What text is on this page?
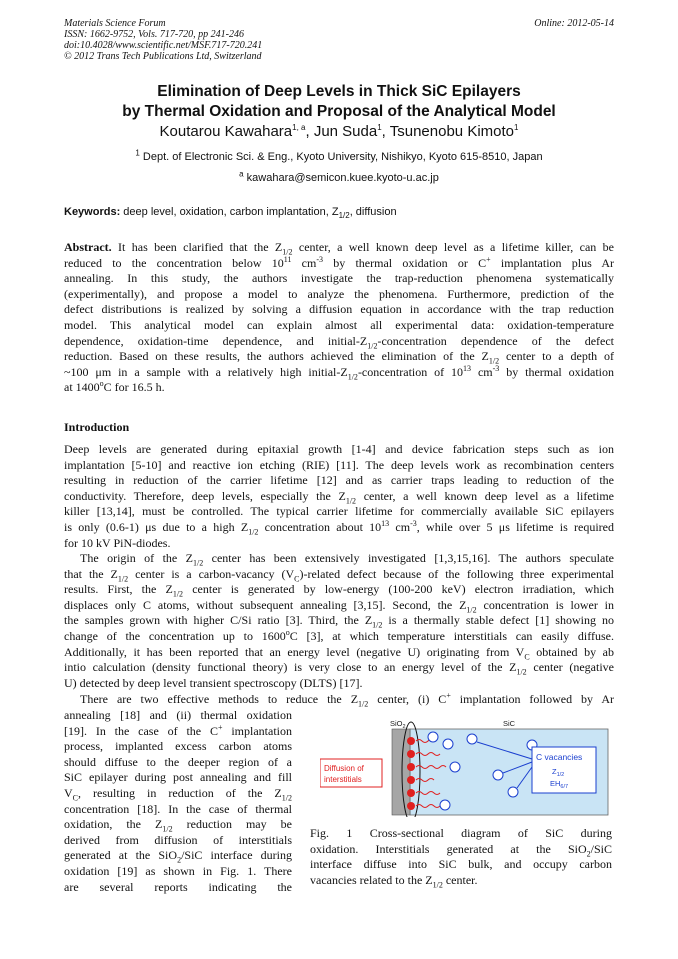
Materials Science Forum
ISSN: 1662-9752, Vols. 717-720, pp 241-246
doi:10.4028/www.scientific.net/MSF.717-720.241
© 2012 Trans Tech Publications Ltd, Switzerland
Online: 2012-05-14
Elimination of Deep Levels in Thick SiC Epilayers
by Thermal Oxidation and Proposal of the Analytical Model
Koutarou Kawahara$^{1, a}$, Jun Suda$^1$, Tsunenobu Kimoto$^1$
$^1$ Dept. of Electronic Sci. & Eng., Kyoto University, Nishikyo, Kyoto 615-8510, Japan
$^a$ kawahara@semicon.kuee.kyoto-u.ac.jp
Keywords: deep level, oxidation, carbon implantation, $Z_{1/2}$, diffusion
Abstract. It has been clarified that the $Z_{1/2}$ center, a well known deep level as a lifetime killer, can be
reduced to the concentration below $10^{11}$ $cm^{-3}$ by thermal oxidation or C+ implantation plus Ar
annealing. In this study, the authors investigate the trap-reduction phenomena systematically
(experimentally), and propose a model to analyze the phenomena. Furthermore, prediction of the
defect distributions is realized by solving a diffusion equation in accordance with the trap reduction
model. This analytical model can explain almost all experimental data: oxidation-temperature
dependence, oxidation-time dependence, and initial-$Z_{1/2}$-concentration dependence of the defect
reduction. Based on these results, the authors achieved the elimination of the $Z_{1/2}$ center to a depth of
~100 μm in a sample with a relatively high initial-$Z_{1/2}$-concentration of $10^{13}$ $cm^{-3}$ by thermal oxidation
at 1400$^o$C for 16.5 h.
Introduction
Deep levels are generated during epitaxial growth [1-4] and device fabrication steps such as ion
implantation [5-10] and reactive ion etching (RIE) [11]. The deep levels work as recombination centers
resulting in reduction of the carrier lifetime [12] and as carrier traps leading to reduction of the
conductivity. Therefore, deep levels, especially the $Z_{1/2}$ center, a well known deep level as a lifetime
killer [13,14], must be controlled. The typical carrier lifetime for commercially available SiC epilayers
is only (0.6-1) μs due to a high $Z_{1/2}$ concentration about $10^{13}$ $cm^{-3}$, while over 5 μs lifetime is required
for 10 kV PiN-diodes.
The origin of the $Z_{1/2}$ center has been extensively investigated [1,3,15,16]. The authors speculate
that the $Z_{1/2}$ center is a carbon-vacancy $(V_C)$-related defect because of the following three experimental
results. First, the $Z_{1/2}$ center is generated by low-energy (100-200 keV) electron irradiation, which
displaces only C atoms, without subsequent annealing [3,15]. Second, the $Z_{1/2}$ concentration is lower in
the samples grown with higher C/Si ratio [3]. Third, the $Z_{1/2}$ is a thermally stable defect [1] showing no
change of the concentration up to 1600$^o$C [3], at which temperature interstitials can easily diffuse.
Additionally, it has been reported that an energy level (negative U) originating from $V_C$ obtained by ab
intio calculation (density functional theory) is very close to an energy level of the $Z_{1/2}$ center (negative
U) detected by deep level transient spectroscopy (DLTS) [17].
There are two effective methods to reduce the $Z_{1/2}$ center, (i) C+ implantation followed by Ar
annealing [18] and (ii) thermal oxidation
[19]. In the case of the C+ implantation
process, implanted excess carbon atoms
should diffuse to the deeper region of a
SiC epilayer during post annealing and fill
$V_C$, resulting in reduction of the $Z_{1/2}$
concentration [18]. In the case of thermal
oxidation, the $Z_{1/2}$ reduction may be
derived from diffusion of interstitials
generated at the SiO$_2$/SiC interface during
oxidation [19] as shown in Fig. 1. There
are several reports indicating the
SiO$_2$	SiC
C vacancies
$Z_{1/2}$
$EH_{6/7}$
Diffusion of
interstitials
Fig. 1 Cross-sectional diagram of SiC during
oxidation. Interstitials generated at the SiO$_2$/SiC
interface diffuse into SiC bulk, and occupy carbon
vacancies related to the $Z_{1/2}$ center.
